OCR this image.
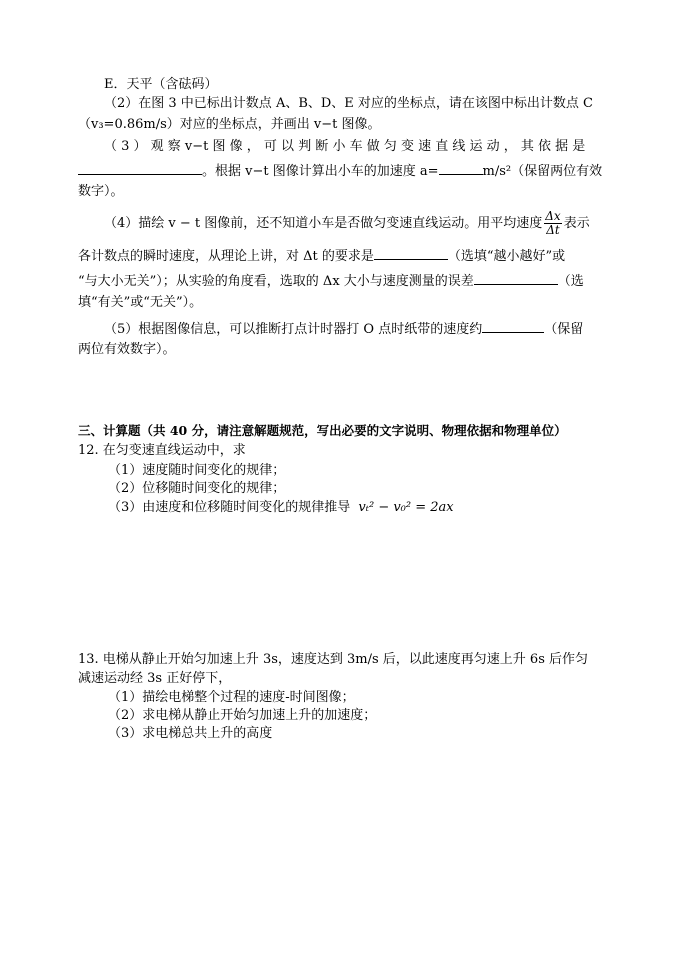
E．天平（含砝码）
（2）在图 3 中已标出计数点 A、B、D、E 对应的坐标点，请在该图中标出计数点 C
（v₃=0.86m/s）对应的坐标点，并画出 v−t 图像。
（ 3 ） 观 察 v−t 图 像 ， 可 以 判 断 小 车 做 匀 变 速 直 线 运 动 ， 其 依 据 是
。根据 v−t 图像计算出小车的加速度 a=	m/s²（保留两位有效
数字）。
（4）描绘 v − t 图像前，还不知道小车是否做匀变速直线运动。用平均速度 $\frac{\Delta x}{\Delta t}$ 表示
各计数点的瞬时速度，从理论上讲，对 Δt 的要求是	（选填“越小越好”或
“与大小无关”）；从实验的角度看，选取的 Δx 大小与速度测量的误差	（选
填“有关”或“无关”）。
（5）根据图像信息，可以推断打点计时器打 O 点时纸带的速度约	（保留
两位有效数字）。
三、计算题（共 40 分，请注意解题规范，写出必要的文字说明、物理依据和物理单位）
12. 在匀变速直线运动中，求
（1）速度随时间变化的规律；
（2）位移随时间变化的规律；
（3）由速度和位移随时间变化的规律推导 vₜ² − v₀² = 2ax
13. 电梯从静止开始匀加速上升 3s，速度达到 3m/s 后，以此速度再匀速上升 6s 后作匀
减速运动经 3s 正好停下，
（1）描绘电梯整个过程的速度-时间图像；
（2）求电梯从静止开始匀加速上升的加速度；
（3）求电梯总共上升的高度
